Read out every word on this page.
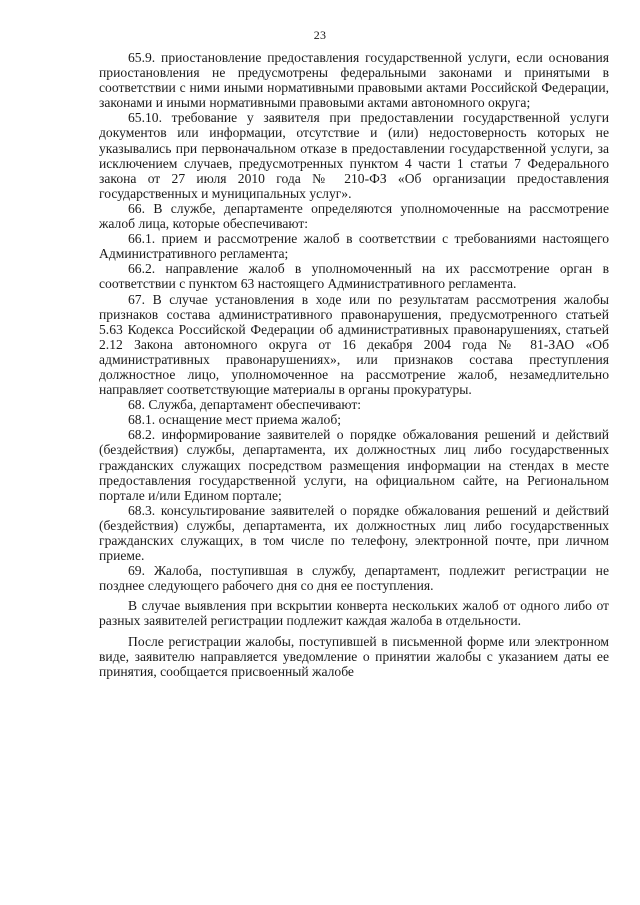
23

65.9. приостановление предоставления государственной услуги, если основания приостановления не предусмотрены федеральными законами и принятыми в соответствии с ними иными нормативными правовыми актами Российской Федерации, законами и иными нормативными правовыми актами автономного округа;

65.10. требование у заявителя при предоставлении государственной услуги документов или информации, отсутствие и (или) недостоверность которых не указывались при первоначальном отказе в предоставлении государственной услуги, за исключением случаев, предусмотренных пунктом 4 части 1 статьи 7 Федерального закона от 27 июля 2010 года № 210-ФЗ «Об организации предоставления государственных и муниципальных услуг».

66. В службе, департаменте определяются уполномоченные на рассмотрение жалоб лица, которые обеспечивают:

66.1. прием и рассмотрение жалоб в соответствии с требованиями настоящего Административного регламента;

66.2. направление жалоб в уполномоченный на их рассмотрение орган в соответствии с пунктом 63 настоящего Административного регламента.

67. В случае установления в ходе или по результатам рассмотрения жалобы признаков состава административного правонарушения, предусмотренного статьей 5.63 Кодекса Российской Федерации об административных правонарушениях, статьей 2.12 Закона автономного округа от 16 декабря 2004 года № 81-ЗАО «Об административных правонарушениях», или признаков состава преступления должностное лицо, уполномоченное на рассмотрение жалоб, незамедлительно направляет соответствующие материалы в органы прокуратуры.

68. Служба, департамент обеспечивают:

68.1. оснащение мест приема жалоб;

68.2. информирование заявителей о порядке обжалования решений и действий (бездействия) службы, департамента, их должностных лиц либо государственных гражданских служащих посредством размещения информации на стендах в месте предоставления государственной услуги, на официальном сайте, на Региональном портале и/или Едином портале;

68.3. консультирование заявителей о порядке обжалования решений и действий (бездействия) службы, департамента, их должностных лиц либо государственных гражданских служащих, в том числе по телефону, электронной почте, при личном приеме.

69. Жалоба, поступившая в службу, департамент, подлежит регистрации не позднее следующего рабочего дня со дня ее поступления.

В случае выявления при вскрытии конверта нескольких жалоб от одного либо от разных заявителей регистрации подлежит каждая жалоба в отдельности.

После регистрации жалобы, поступившей в письменной форме или электронном виде, заявителю направляется уведомление о принятии жалобы с указанием даты ее принятия, сообщается присвоенный жалобе
